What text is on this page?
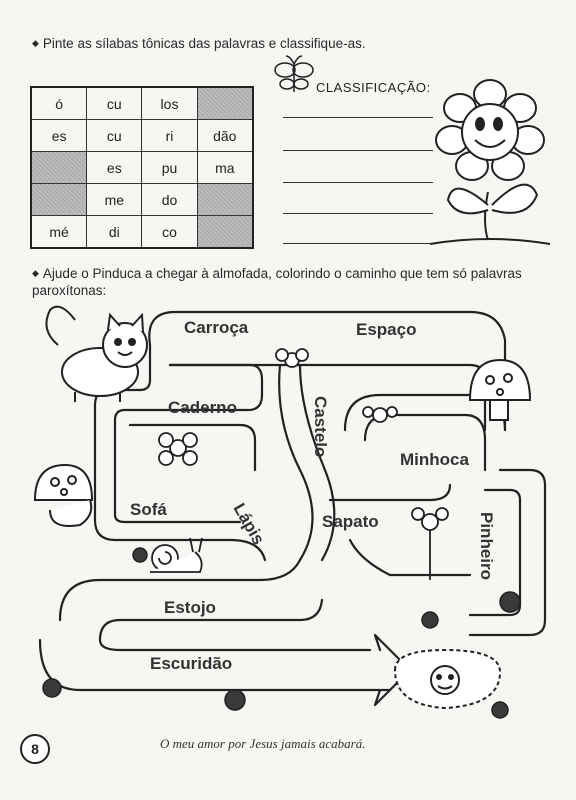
◆ Pinte as sílabas tônicas das palavras e classifique-as.
ó	cu	los	
es	cu	ri	dão
	es	pu	ma
	me	do	
mé	di	co	
CLASSIFICAÇÃO:
◆ Ajude o Pinduca a chegar à almofada, colorindo o caminho que tem só palavras
paroxítonas:
Carroça	Espaço
Caderno	Castelo
Minhoca
Sofá	Lápis	Sapato	Pinheiro
Estojo
Escuridão
8	O meu amor por Jesus jamais acabará.
